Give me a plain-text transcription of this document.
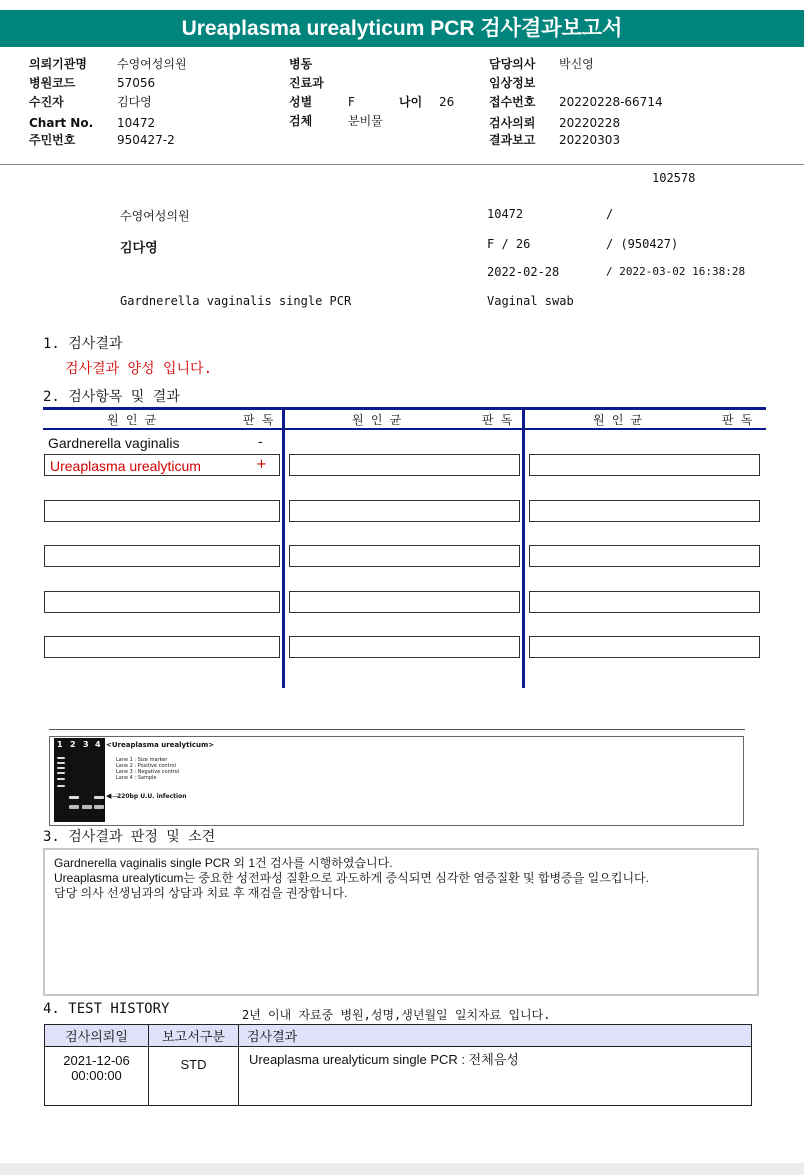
Ureaplasma urealyticum PCR 검사결과보고서
의뢰기관명	수영여성의원
병원코드	57056
수진자	김다영
Chart No. 10472
주민번호	950427-2
병동
진료과
성별	F	나이 26
검체	분비물
담당의사 박신영
임상정보
접수번호 20220228-66714
검사의뢰 20220228
결과보고 20220303
102578
수영여성의원	10472	/
김다영	F / 26	/ (950427)
2022-02-28	/ 2022-03-02 16:38:28
Gardnerella vaginalis single PCR	Vaginal swab
1. 검사결과
검사결과 양성 입니다.
2. 검사항목 및 결과
원 인 균	판 독	원 인 균	판 독	원 인 균	판 독
Gardnerella vaginalis	-
Ureaplasma urealyticum	+
1 2 3 4 <Ureaplasma urealyticum>
Lane 1 : Size marker
Lane 2 : Positive control
Lane 3 : Negative control
Lane 4 : Sample
◀—
220bp U.U. infection
3. 검사결과 판정 및 소견
Gardnerella vaginalis single PCR 외 1건 검사를 시행하였습니다.
Ureaplasma urealyticum는 중요한 성전파성 질환으로 과도하게 증식되면 심각한 염증질환 및 합병증을 일으킵니다.
담당 의사 선생님과의 상담과 치료 후 재검을 권장합니다.
4. TEST HISTORY	2년 이내 자료중 병원,성명,생년월일 일치자료 입니다.
검사의뢰일	보고서구분	검사결과

2021-12-06
00:00:00	STD	Ureaplasma urealyticum single PCR : 전체음성
